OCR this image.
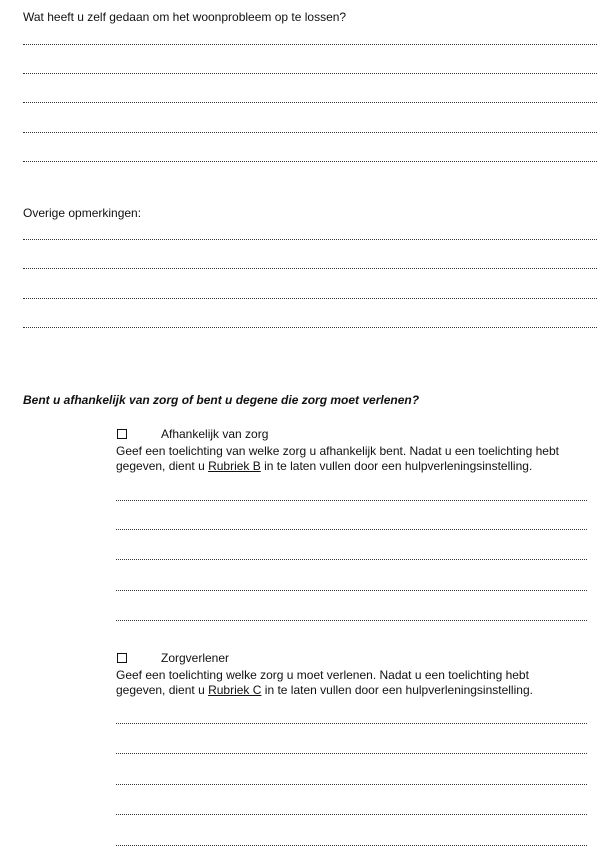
Wat heeft u zelf gedaan om het woonprobleem op te lossen?
Overige opmerkingen:
Bent u afhankelijk van zorg of bent u degene die zorg moet verlenen?
Afhankelijk van zorg
Geef een toelichting van welke zorg u afhankelijk bent. Nadat u een toelichting hebt
gegeven, dient u Rubriek B in te laten vullen door een hulpverleningsinstelling.
Zorgverlener
Geef een toelichting welke zorg u moet verlenen. Nadat u een toelichting hebt
gegeven, dient u Rubriek C in te laten vullen door een hulpverleningsinstelling.
